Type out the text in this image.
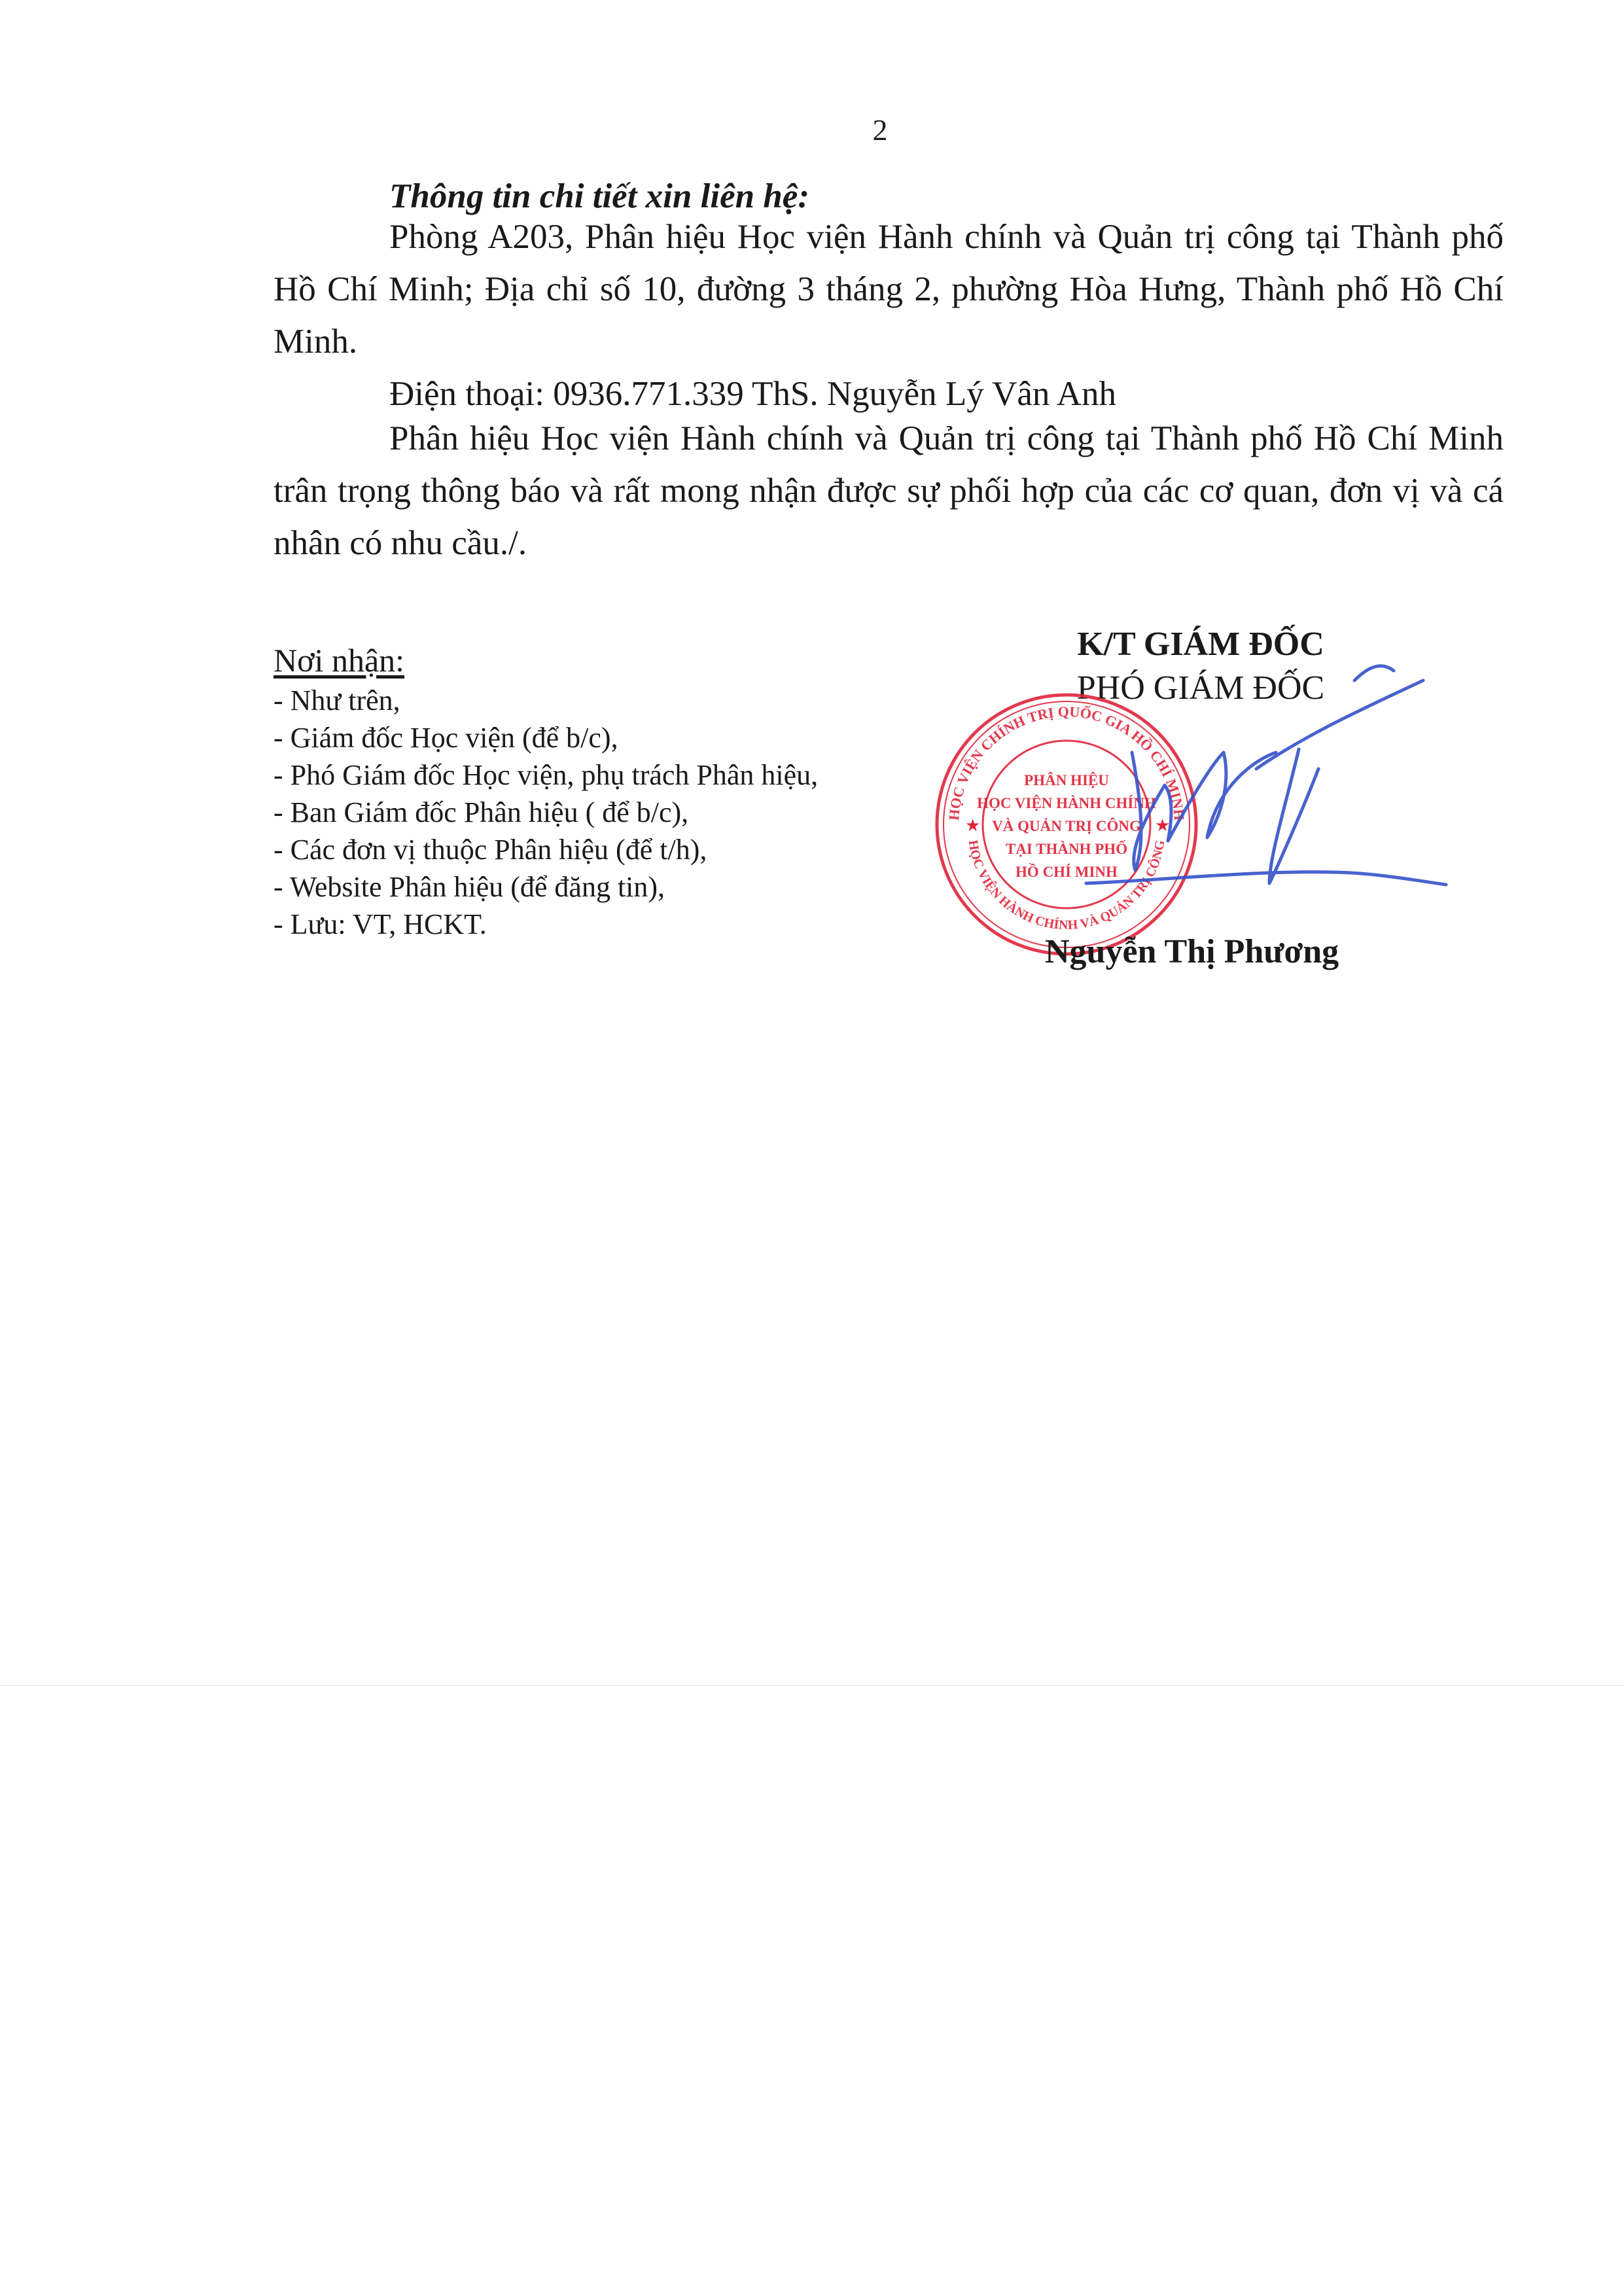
2
Thông tin chi tiết xin liên hệ:

Phòng A203, Phân hiệu Học viện Hành chính và Quản trị công tại Thành phố Hồ Chí Minh; Địa chỉ số 10, đường 3 tháng 2, phường Hòa Hưng, Thành phố Hồ Chí Minh.

Điện thoại: 0936.771.339 ThS. Nguyễn Lý Vân Anh

Phân hiệu Học viện Hành chính và Quản trị công tại Thành phố Hồ Chí Minh trân trọng thông báo và rất mong nhận được sự phối hợp của các cơ quan, đơn vị và cá nhân có nhu cầu./.

Nơi nhận:
- Như trên,
- Giám đốc Học viện (để b/c),
- Phó Giám đốc Học viện, phụ trách Phân hiệu,
- Ban Giám đốc Phân hiệu ( để b/c),
- Các đơn vị thuộc Phân hiệu (để t/h),
- Website Phân hiệu (để đăng tin),
- Lưu: VT, HCKT.
K/T GIÁM ĐỐC
PHÓ GIÁM ĐỐC
HỌC VIỆN CHÍNH TRỊ QUỐC GIA HỒ CHÍ MINH
HỌC VIỆN HÀNH CHÍNH VÀ QUẢN TRỊ CÔNG
★	★
PHÂN HIỆU
HỌC VIỆN HÀNH CHÍNH
VÀ QUẢN TRỊ CÔNG
TẠI THÀNH PHỐ
HỒ CHÍ MINH
Nguyễn Thị Phương
